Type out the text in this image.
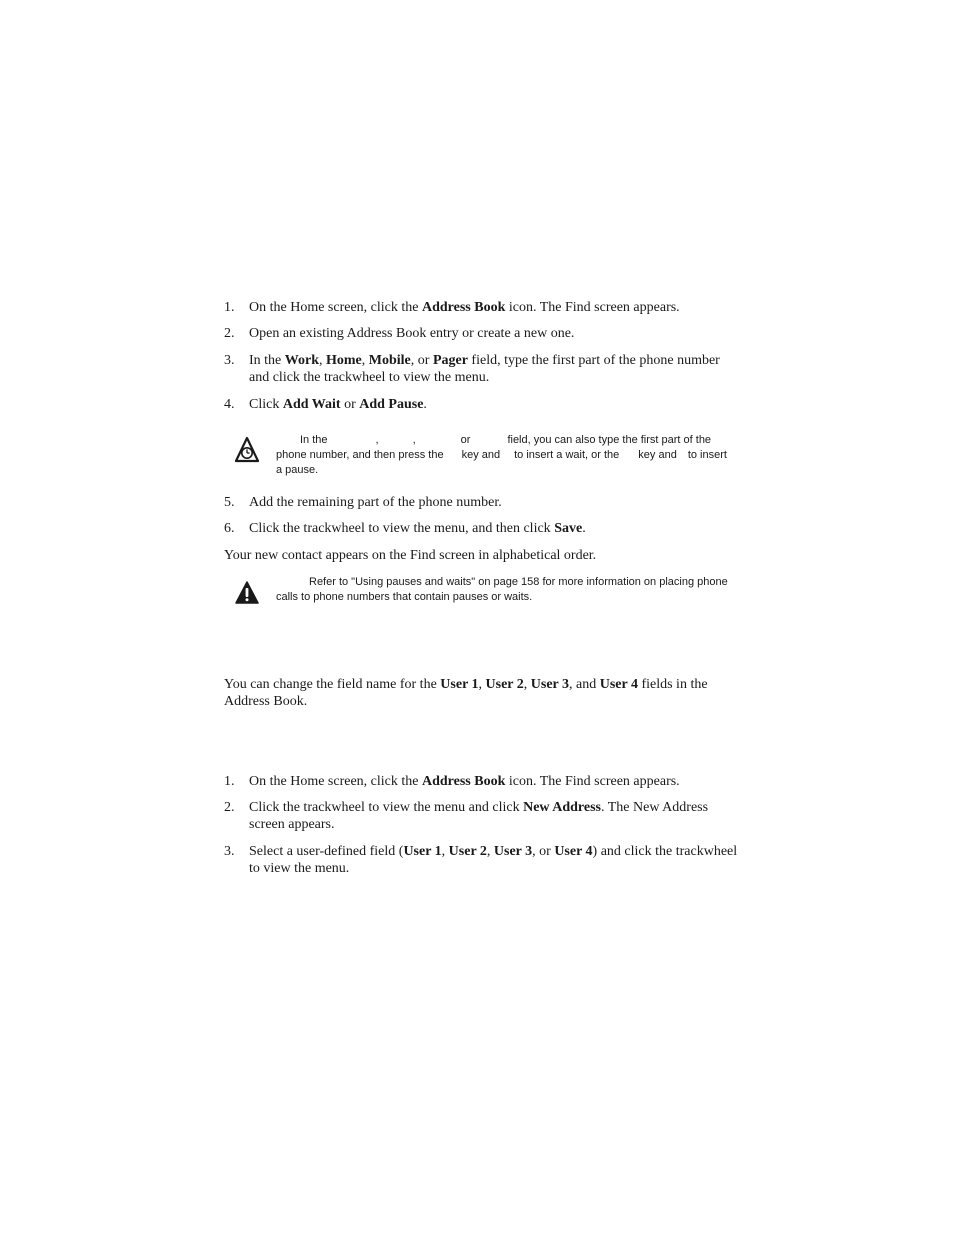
1. On the Home screen, click the Address Book icon. The Find screen appears.
2. Open an existing Address Book entry or create a new one.
3. In the Work, Home, Mobile, or Pager field, type the first part of the phone number and click the trackwheel to view the menu.
4. Click Add Wait or Add Pause.
In the	,	,	or	field, you can also type the first part of the phone number, and then press the key and to insert a wait, or the key and to insert a pause.
5. Add the remaining part of the phone number.
6. Click the trackwheel to view the menu, and then click Save.
Your new contact appears on the Find screen in alphabetical order.
Refer to "Using pauses and waits" on page 158 for more information on placing phone calls to phone numbers that contain pauses or waits.
You can change the field name for the User 1, User 2, User 3, and User 4 fields in the Address Book.
1. On the Home screen, click the Address Book icon. The Find screen appears.
2. Click the trackwheel to view the menu and click New Address. The New Address screen appears.
3. Select a user-defined field (User 1, User 2, User 3, or User 4) and click the trackwheel to view the menu.
